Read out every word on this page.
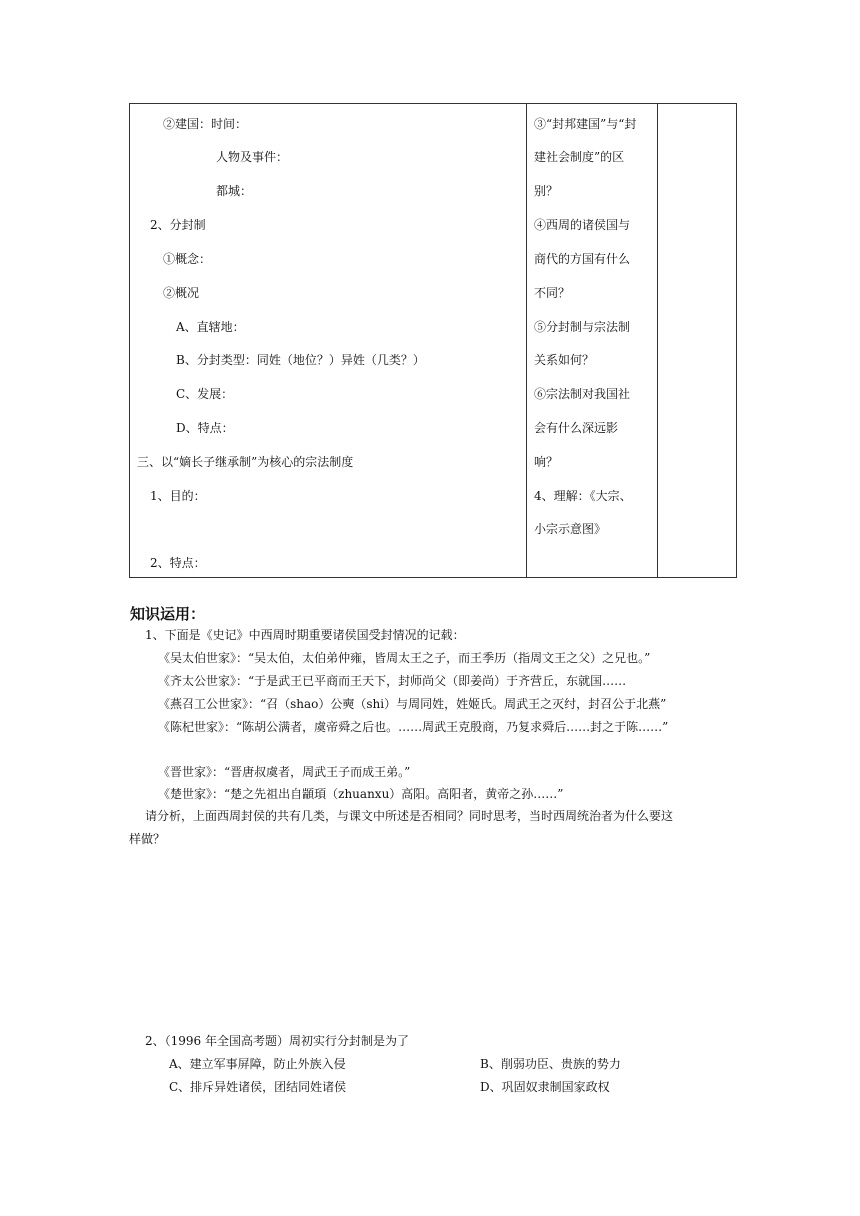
②建国：时间：
人物及事件：
都城：
2、分封制
①概念：
②概况
A、直辖地：
B、分封类型：同姓（地位？）异姓（几类？）
C、发展：
D、特点：
三、以“嫡长子继承制”为核心的宗法制度
1、目的：
2、特点：
③“封邦建国”与“封
建社会制度”的区
别？
④西周的诸侯国与
商代的方国有什么
不同？
⑤分封制与宗法制
关系如何？
⑥宗法制对我国社
会有什么深远影
响？
4、理解：《大宗、
小宗示意图》
知识运用：
1、下面是《史记》中西周时期重要诸侯国受封情况的记载：
《吴太伯世家》：“吴太伯，太伯弟仲雍，皆周太王之子，而王季历（指周文王之父）之兄也。”
《齐太公世家》：“于是武王已平商而王天下，封师尚父（即姜尚）于齐营丘，东就国……
《燕召工公世家》：“召（shao）公奭（shi）与周同姓，姓姬氏。周武王之灭纣，封召公于北燕”
《陈杞世家》：“陈胡公满者，虞帝舜之后也。……周武王克殷商，乃复求舜后……封之于陈……”
《晋世家》：“晋唐叔虞者，周武王子而成王弟。”
《楚世家》：“楚之先祖出自顓頊（zhuanxu）高阳。高阳者，黄帝之孙……”
请分析，上面西周封侯的共有几类，与课文中所述是否相同？同时思考，当时西周统治者为什么要这
样做？
2、（1996 年全国高考题）周初实行分封制是为了
A、建立军事屏障，防止外族入侵	B、削弱功臣、贵族的势力
C、排斥异姓诸侯，团结同姓诸侯	D、巩固奴隶制国家政权
